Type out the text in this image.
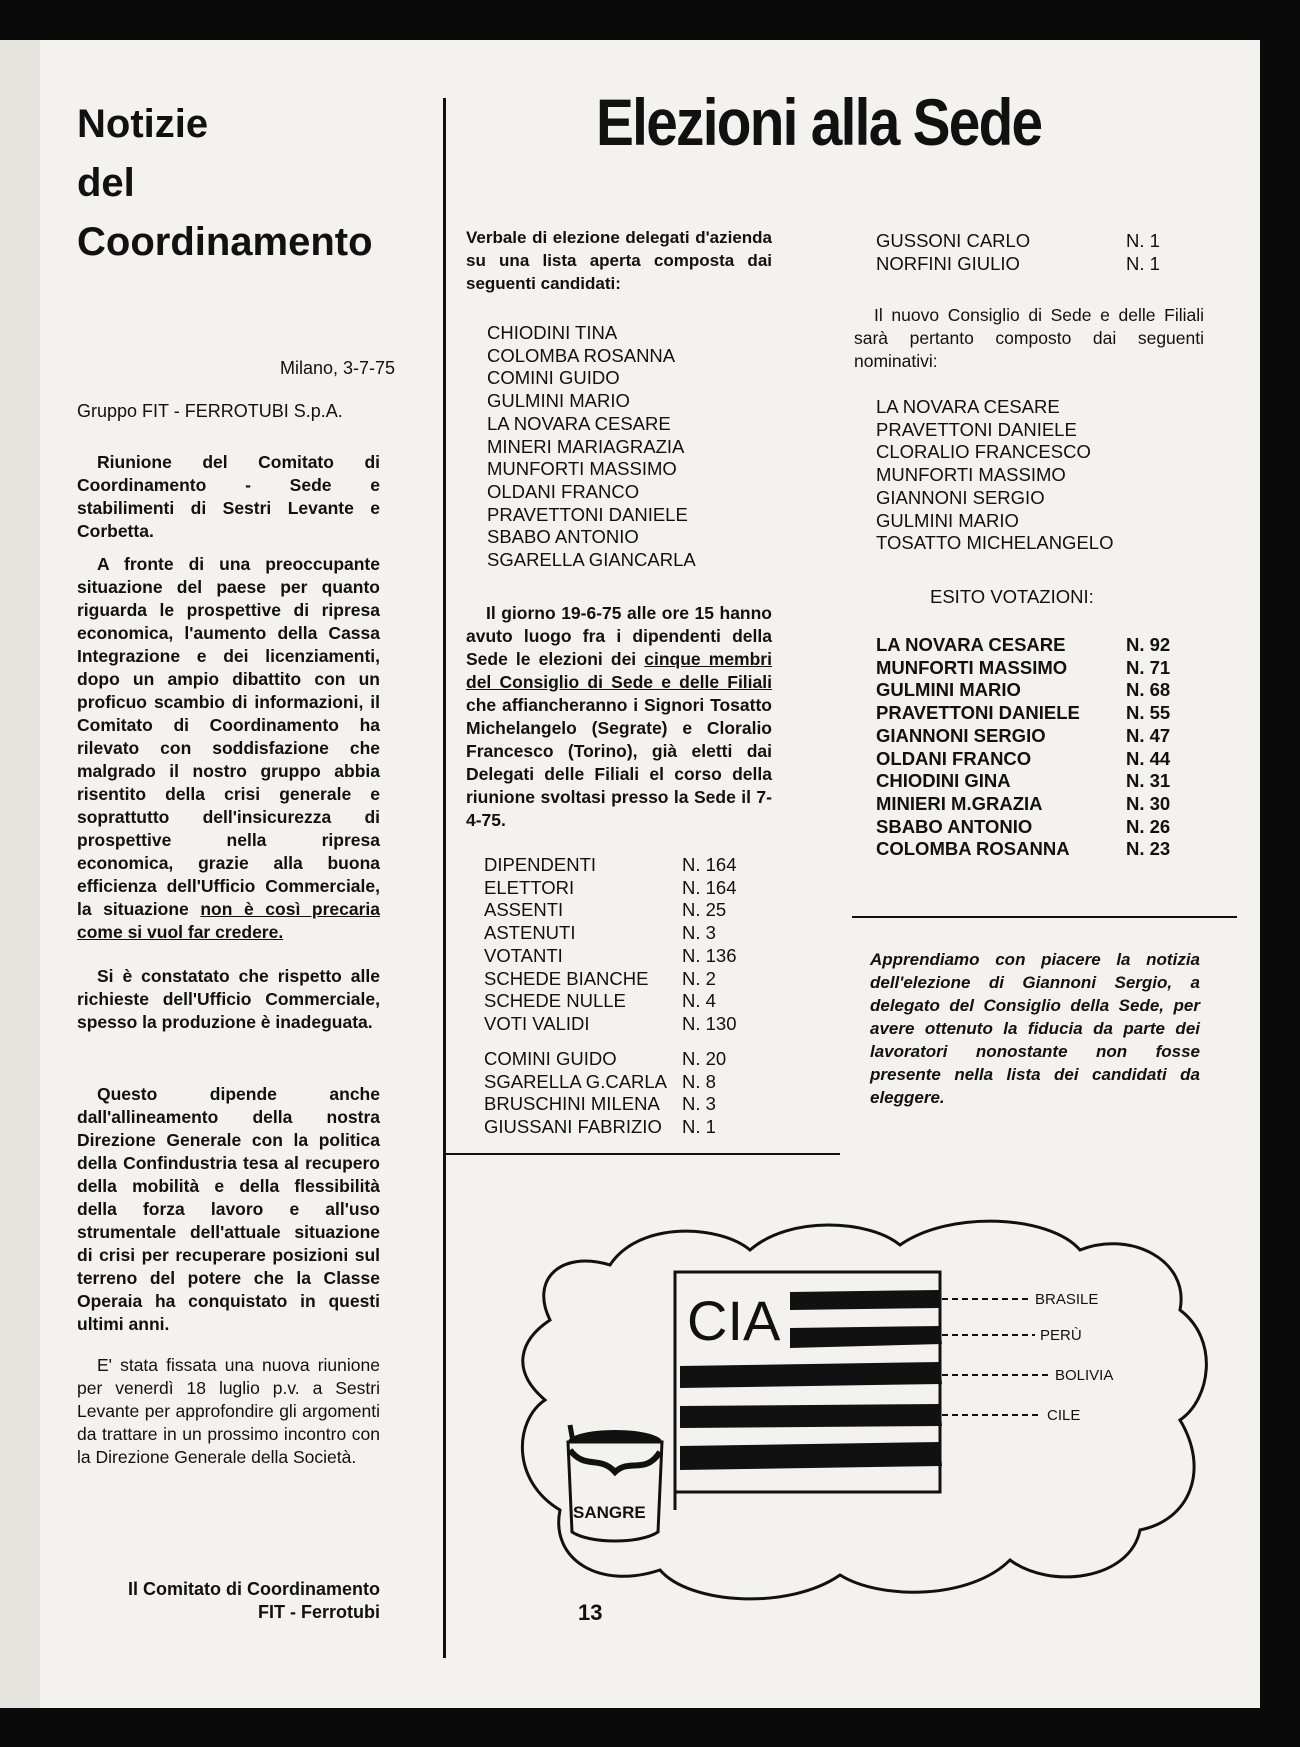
Notizie
del
Coordinamento
Milano, 3-7-75
Gruppo FIT - FERROTUBI S.p.A.
Riunione del Comitato di Coordinamento - Sede e stabilimenti di Sestri Levante e Corbetta.

A fronte di una preoccupante situazione del paese per quanto riguarda le prospettive di ripresa economica, l'aumento della Cassa Integrazione e dei licenziamenti, dopo un ampio dibattito con un proficuo scambio di informazioni, il Comitato di Coordinamento ha rilevato con soddisfazione che malgrado il nostro gruppo abbia risentito della crisi generale e soprattutto dell'insicurezza di prospettive nella ripresa economica, grazie alla buona efficienza dell'Ufficio Commerciale, la situazione non è così precaria come si vuol far credere.

Si è constatato che rispetto alle richieste dell'Ufficio Commerciale, spesso la produzione è inadeguata.
Questo dipende anche dall'allineamento della nostra Direzione Generale con la politica della Confindustria tesa al recupero della mobilità e della flessibilità della forza lavoro e all'uso strumentale dell'attuale situazione di crisi per recuperare posizioni sul terreno del potere che la Classe Operaia ha conquistato in questi ultimi anni.
E' stata fissata una nuova riunione per venerdì 18 luglio p.v. a Sestri Levante per approfondire gli argomenti da trattare in un prossimo incontro con la Direzione Generale della Società.
Il Comitato di Coordinamento
FIT - Ferrotubi
Elezioni alla Sede
Verbale di elezione delegati d'azienda su una lista aperta composta dai seguenti candidati:
CHIODINI TINA
COLOMBA ROSANNA
COMINI GUIDO
GULMINI MARIO
LA NOVARA CESARE
MINERI MARIAGRAZIA
MUNFORTI MASSIMO
OLDANI FRANCO
PRAVETTONI DANIELE
SBABO ANTONIO
SGARELLA GIANCARLA
Il giorno 19-6-75 alle ore 15 hanno avuto luogo fra i dipendenti della Sede le elezioni dei cinque membri del Consiglio di Sede e delle Filiali che affiancheranno i Signori Tosatto Michelangelo (Segrate) e Cloralio Francesco (Torino), già eletti dai Delegati delle Filiali el corso della riunione svoltasi presso la Sede il 7-4-75.
DIPENDENTI	N. 164
ELETTORI	N. 164
ASSENTI	N. 25
ASTENUTI	N. 3
VOTANTI	N. 136
SCHEDE BIANCHE	N. 2
SCHEDE NULLE	N. 4
VOTI VALIDI	N. 130
COMINI GUIDO	N. 20
SGARELLA G.CARLA N. 8
BRUSCHINI MILENA	N. 3
GIUSSANI FABRIZIO	N. 1
GUSSONI CARLO	N. 1
NORFINI GIULIO	N. 1
Il nuovo Consiglio di Sede e delle Filiali sarà pertanto composto dai seguenti nominativi:
LA NOVARA CESARE
PRAVETTONI DANIELE
CLORALIO FRANCESCO
MUNFORTI MASSIMO
GIANNONI SERGIO
GULMINI MARIO
TOSATTO MICHELANGELO
ESITO VOTAZIONI:
LA NOVARA CESARE	N. 92
MUNFORTI MASSIMO	N. 71
GULMINI MARIO	N. 68
PRAVETTONI DANIELE	N. 55
GIANNONI SERGIO	N. 47
OLDANI FRANCO	N. 44
CHIODINI GINA	N. 31
MINIERI M.GRAZIA	N. 30
SBABO ANTONIO	N. 26
COLOMBA ROSANNA	N. 23
Apprendiamo con piacere la notizia dell'elezione di Giannoni Sergio, a delegato del Consiglio della Sede, per avere ottenuto la fiducia da parte dei lavoratori nonostante non fosse presente nella lista dei candidati da eleggere.
CIA	BRASILE
PERÙ
BOLIVIA
CILE
SANGRE
13
